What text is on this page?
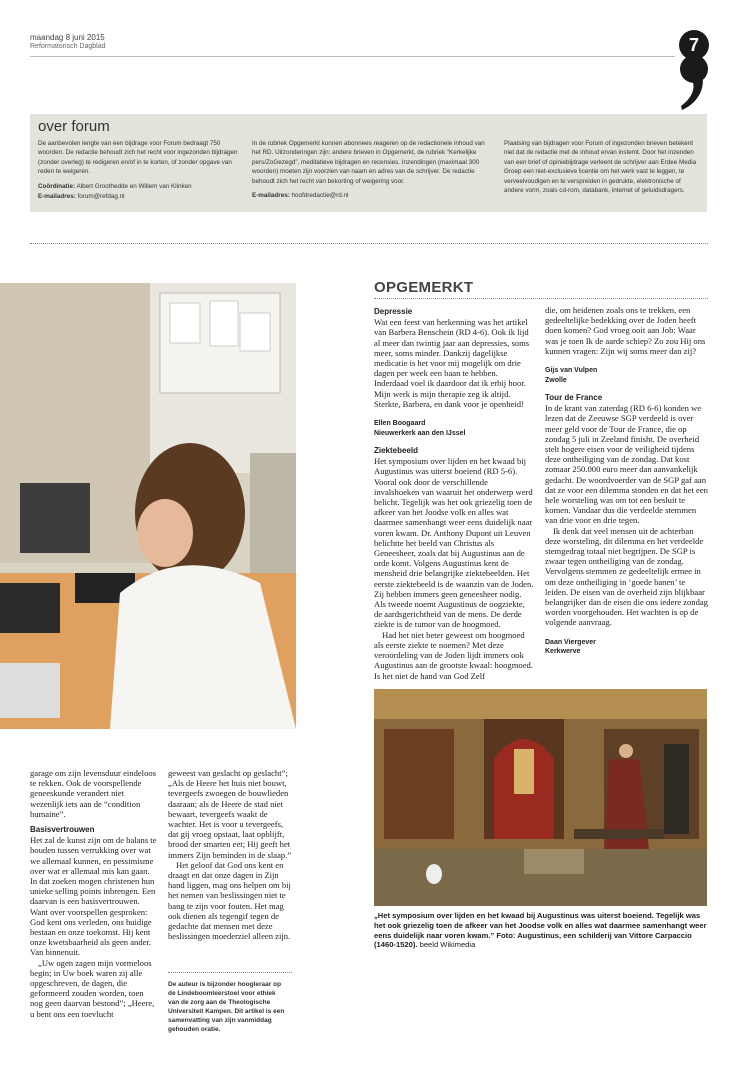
maandag 8 juni 2015
Reformatorisch Dagblad	7
over forum
De aanbevolen lengte van een bijdrage voor Forum bedraagt 750 woorden. De redactie behoudt zich het recht voor ingezonden bijdragen (zonder overleg) te redigeren en/of in te korten, of zonder opgave van reden te weigeren.
Coördinatie: Albert Groothedde en Willem van Klinken
E-mailadres: forum@refdag.nl
In de rubriek Opgemerkt kunnen abonnees reageren op de redactionele inhoud van het RD. Uitzonderingen zijn: andere brieven in Opgemerkt, de rubriek “Kerkelijke pers/ZoGezegd”, meditatieve bijdragen en recensies. Inzendingen (maximaal 300 woorden) moeten zijn voorzien van naam en adres van de schrijver. De redactie behoudt zich het recht van bekorting of weigering voor.
E-mailadres: hoofdredactie@rd.nl
Plaatsing van bijdragen voor Forum of ingezonden brieven betekent niet dat de redactie met de inhoud ervan instemt. Door het inzenden van een brief of opiniebijdrage verleent de schrijver aan Erdee Media Groep een niet-exclusieve licentie om het werk vast te leggen, te verveelvoudigen en te verspreiden in gedrukte, elektronische of andere vorm, zoals cd-rom, databank, internet of geluidsdragers.

garage om zijn levensduur eindeloos te rekken. Ook de voorspellende geneeskunde verandert niet wezenlijk iets aan de “condition humaine”.

Basisvertrouwen

Het zal de kunst zijn om de balans te houden tussen verrukking over wat we allemaal kunnen, en pessimisme over wat er allemaal mis kan gaan. In dat zoeken mogen christenen hun unieke selling points inbrengen. Een daarvan is een basisvertrouwen. Want over voorspellen gesproken: God kent ons verleden, ons huidige bestaan en onze toekomst. Hij kent onze kwetsbaarheid als geen ander. Van binnenuit.

„Uw ogen zagen mijn vormeloos begin; in Uw boek waren zij alle opgeschreven, de dagen, die geformeerd zouden worden, toen nog geen daarvan bestond”; „Heere, u bent ons een toevlucht

geweest van geslacht op geslacht”; „Als de Heere het huis niet bouwt, tevergeefs zwoegen de bouwlieden daaraan; als de Heere de stad niet bewaart, tevergeefs waakt de wachter. Het is voor u tevergeefs, dat gij vroeg opstaat, laat opblijft, brood der smarten eet; Hij geeft het immers Zijn beminden in de slaap.”

Het geloof dat God ons kent en draagt en dat onze dagen in Zijn hand liggen, mag ons helpen om bij het nemen van beslissingen niet te bang te zijn voor fouten. Het mag ook dienen als tegengif tegen de gedachte dat mensen met deze beslissingen moederziel alleen zijn.

De auteur is bijzonder hoogleraar op de Lindeboomleerstoel voor ethiek van de zorg aan de Theologische Universiteit Kampen. Dit artikel is een samenvatting van zijn vanmiddag gehouden oratie.
OPGEMERKT

Depressie

Wat een feest van herkenning was het artikel van Barbera Benschein (RD 4-6). Ook ik lijd al meer dan twintig jaar aan depressies, soms meer, soms minder. Dankzij dagelijkse medicatie is het voor mij mogelijk om drie dagen per week een baan te hebben. Inderdaad voel ik daardoor dat ik erbij hoor. Mijn werk is mijn therapie zeg ik altijd. Sterkte, Barbera, en dank voor je openheid!

Ellen Boogaard
Nieuwerkerk aan den IJssel

Ziektebeeld

Het symposium over lijden en het kwaad bij Augustinus was uiterst boeiend (RD 5-6). Vooral ook door de verschillende invalshoeken van waaruit het onderwerp werd belicht. Tegelijk was het ook griezelig toen de afkeer van het Joodse volk en alles wat daarmee samenhangt weer eens duidelijk naar voren kwam. Dr. Anthony Dupont uit Leuven belichtte het beeld van Christus als Geneesheer, zoals dat bij Augustinus aan de orde komt. Volgens Augustinus kent de mensheid drie belangrijke ziektebeelden. Het eerste ziektebeeld is de waanzin van de Joden. Zij hebben immers geen geneesheer nodig. Als tweede noemt Augustinus de oogziekte, de aardsgerichtheid van de mens. De derde ziekte is de tumor van de hoogmoed.

Had het niet beter geweest om hoogmoed als eerste ziekte te noemen? Met deze veroordeling van de Joden lijdt immers ook Augustinus aan de grootste kwaal: hoogmoed. Is het niet de hand van God Zelf

die, om heidenen zoals ons te trekken, een gedeeltelijke bedekking over de Joden heeft doen komen? God vroeg ooit aan Job: Waar was je toen Ik de aarde schiep? Zo zou Hij ons kunnen vragen: Zijn wij soms meer dan zij?

Gijs van Vulpen
Zwolle

Tour de France

In de krant van zaterdag (RD 6-6) konden we lezen dat de Zeeuwse SGP verdeeld is over meer geld voor de Tour de France, die op zondag 5 juli in Zeeland finisht. De overheid stelt hogere eisen voor de veiligheid tijdens deze ontheiliging van de zondag. Dat kost zomaar 250.000 euro meer dan aanvankelijk gedacht. De woordvoerder van de SGP gaf aan dat ze voor een dilemma stonden en dat het een hele worsteling was om tot een besluit te komen. Vandaar dus die verdeelde stemmen van drie voor en drie tegen.

Ik denk dat veel mensen uit de achterban deze worsteling, dit dilemma en het verdeelde stemgedrag totaal niet begrijpen. De SGP is zwaar tegen ontheiliging van de zondag. Vervolgens stemmen ze gedeeltelijk ermee in om deze ontheiliging in ‘goede banen’ te leiden. De eisen van de overheid zijn blijkbaar belangrijker dan de eisen die ons iedere zondag worden voorgehouden. Het wachten is op de volgende aanvraag.

Daan Viergever
Kerkwerve
„Het symposium over lijden en het kwaad bij Augustinus was uiterst boeiend. Tegelijk was het ook griezelig toen de afkeer van het Joodse volk en alles wat daarmee samenhangt weer eens duidelijk naar voren kwam.” Foto: Augustinus, een schilderij van Vittore Carpaccio (1460-1520). beeld Wikimedia
